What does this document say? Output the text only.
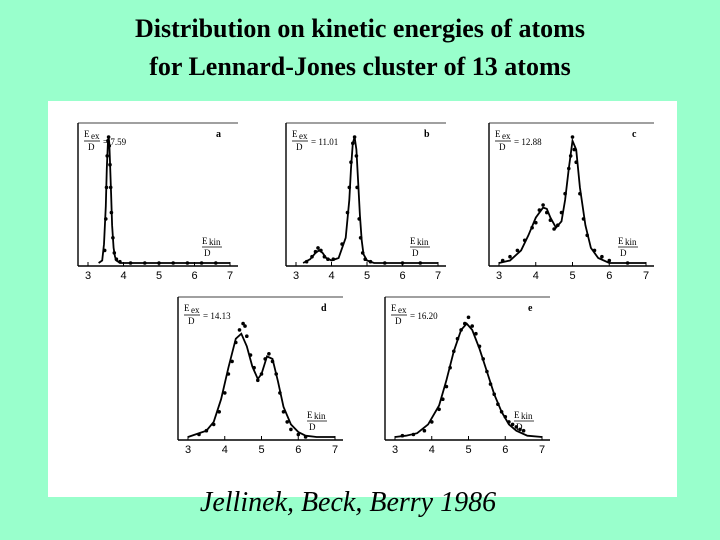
Distribution on kinetic energies of atoms
for Lennard-Jones cluster of 13 atoms
3	4	5	6	7
E ex
D = 7.59
a
E kin
D
3	4	5	6	7
E ex
D = 11.01
b
E kin
D
3	4	5	6	7
E ex
D = 12.88
c
E kin
D
3	4	5	6	7
E ex
D = 14.13
d
E kin
D
3	4	5	6	7
E ex
D = 16.20
e
E kin
D
Jellinek, Beck, Berry 1986
